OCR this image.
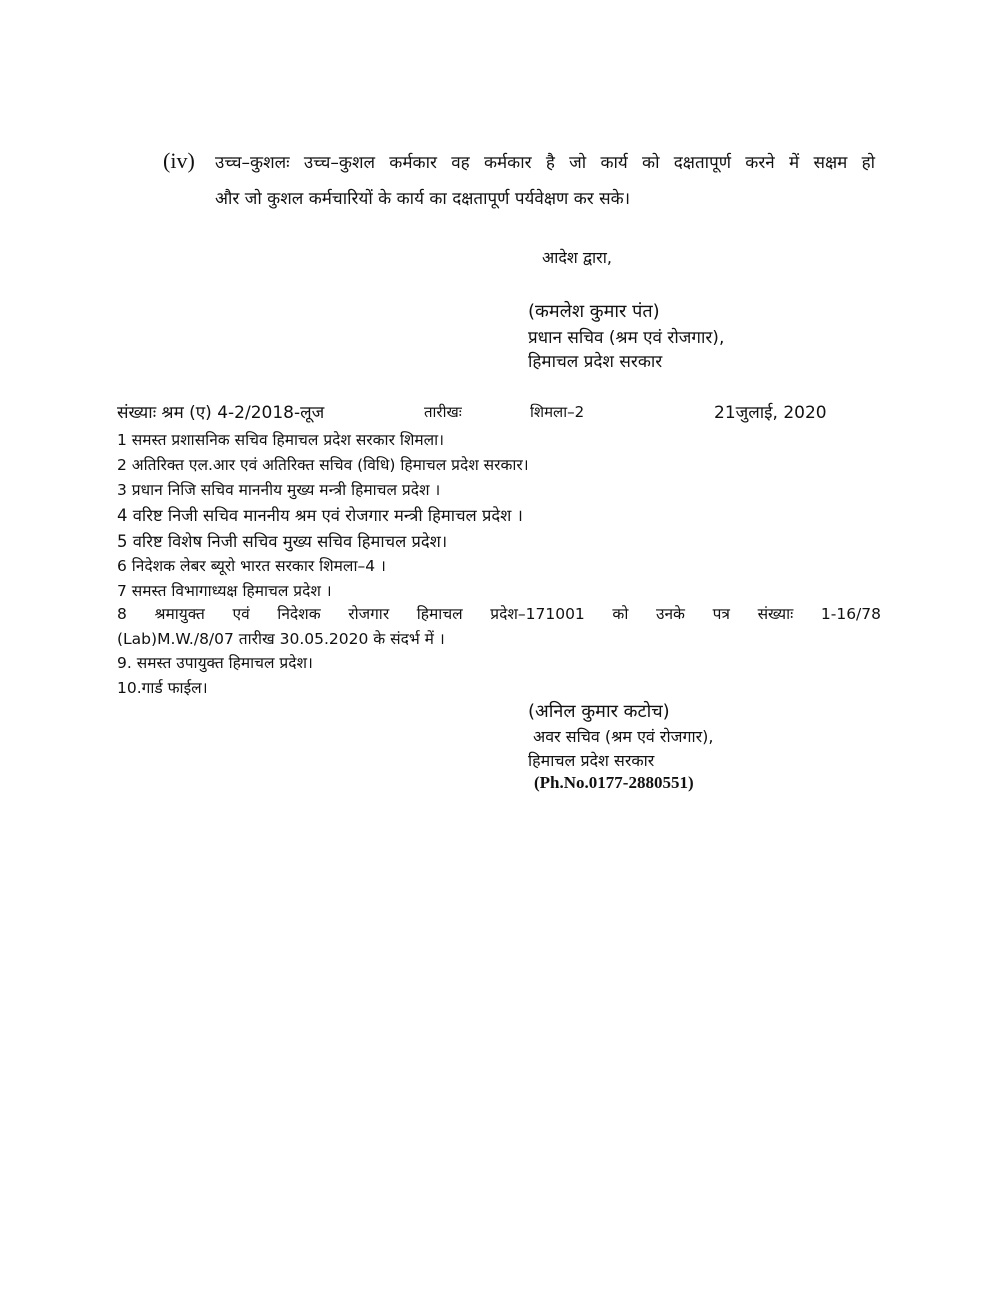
(iv) उच्च–कुशलः उच्च–कुशल कर्मकार वह कर्मकार है जो कार्य को दक्षतापूर्ण करने में सक्षम हो
और जो कुशल कर्मचारियों के कार्य का दक्षतापूर्ण पर्यवेक्षण कर सके।
आदेश द्वारा,
(कमलेश कुमार पंत)
प्रधान सचिव (श्रम एवं रोजगार),
हिमाचल प्रदेश सरकार
संख्याः श्रम (ए) 4-2/2018-लूज	तारीखः	शिमला–2	21जुलाई, 2020
1 समस्त प्रशासनिक सचिव हिमाचल प्रदेश सरकार शिमला।
2 अतिरिक्त एल.आर एवं अतिरिक्त सचिव (विधि) हिमाचल प्रदेश सरकार।
3 प्रधान निजि सचिव माननीय मुख्य मन्त्री हिमाचल प्रदेश ।
4 वरिष्ट निजी सचिव माननीय श्रम एवं रोजगार मन्त्री हिमाचल प्रदेश ।
5 वरिष्ट विशेष निजी सचिव मुख्य सचिव हिमाचल प्रदेश।
6 निदेशक लेबर ब्यूरो भारत सरकार शिमला–4 ।
7 समस्त विभागाध्यक्ष हिमाचल प्रदेश ।
8 श्रमायुक्त एवं निदेशक रोजगार हिमाचल प्रदेश–171001 को उनके पत्र संख्याः 1-16/78
(Lab)M.W./8/07 तारीख 30.05.2020 के संदर्भ में ।
9. समस्त उपायुक्त हिमाचल प्रदेश।
10.गार्ड फाईल।
(अनिल कुमार कटोच)
अवर सचिव (श्रम एवं रोजगार),
हिमाचल प्रदेश सरकार
(Ph.No.0177-2880551)
